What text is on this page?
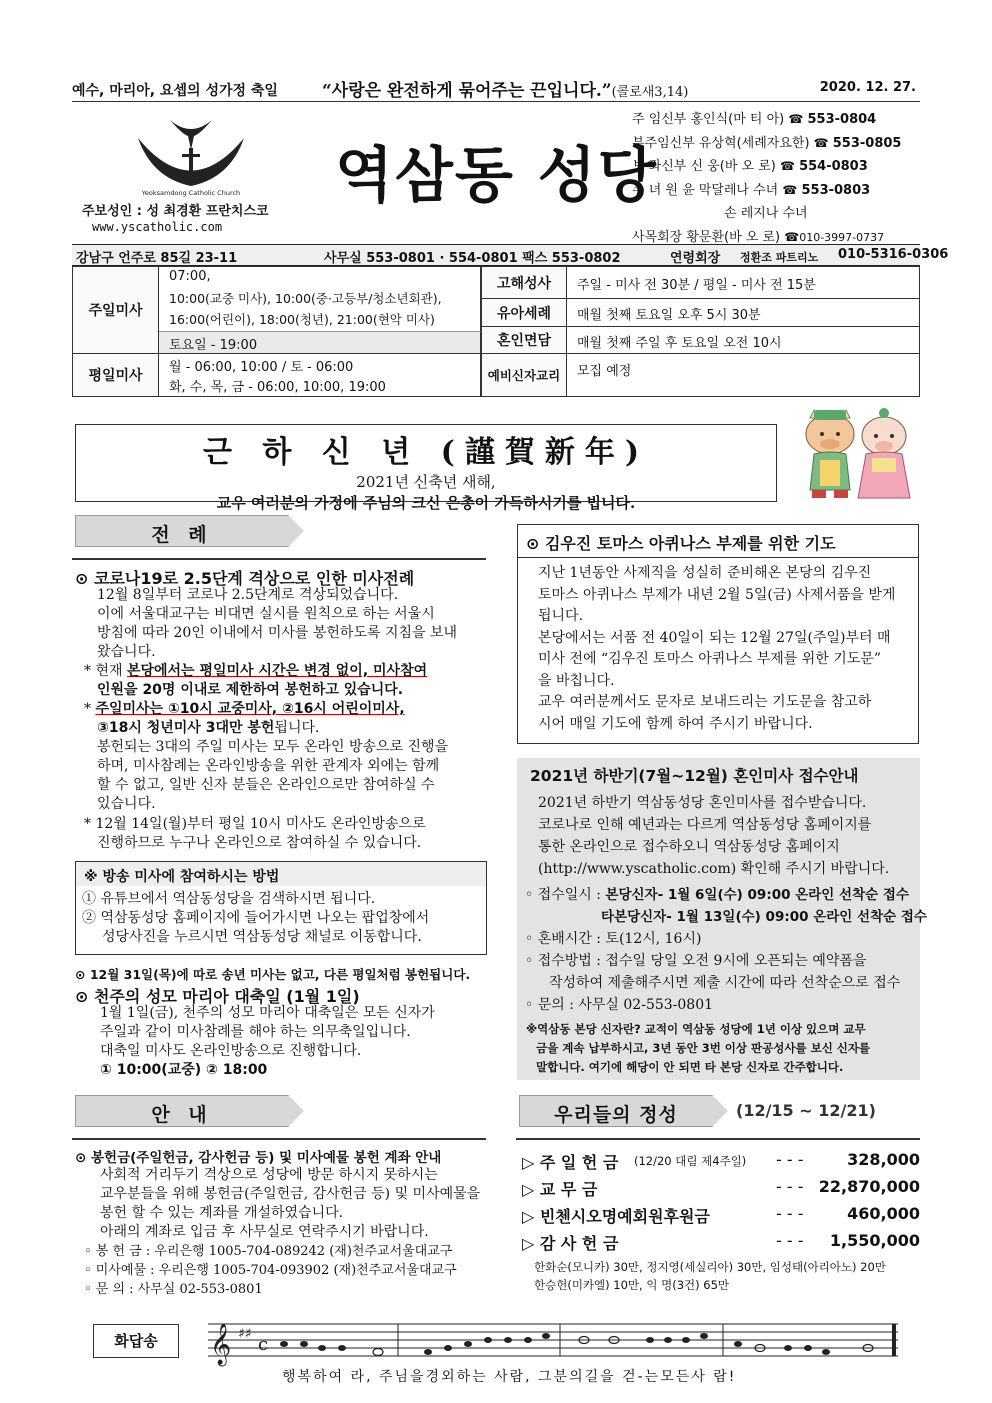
예수, 마리아, 요셉의 성가정 축일	“사랑은 완전하게 묶어주는 끈입니다.”(콜로새3,14)	2020. 12. 27.
Yeoksamdong Catholic Church 역삼동 성당
주보성인 : 성 최경환 프란치스코
www.yscatholic.com
주 임신부 홍인식(마 티 아) ☎ 553-0804
부주임신부 유상혁(세례자요한) ☎ 553-0805
보 좌신부 신 웅(바 오 로) ☎ 554-0803
수 녀 원 윤 막달레나 수녀 ☎ 553-0803
손 레지나 수녀
사목회장 황문환(바 오 로) ☎010-3997-0737
강남구 언주로 85길 23-11	사무실 553-0801 · 554-0801 팩스 553-0802	연령회장 정환조 파트리노 010-5316-0306
주일미사
07:00,
10:00(교중 미사), 10:00(중·고등부/청소년회관),
16:00(어린이), 18:00(청년), 21:00(현악 미사)
토요일 - 19:00
평일미사
월 - 06:00, 10:00 / 토 - 06:00
화, 수, 목, 금 - 06:00, 10:00, 19:00
고해성사	주일 - 미사 전 30분 / 평일 - 미사 전 15분
유아세례	매월 첫째 토요일 오후 5시 30분
혼인면담	매월 첫째 주일 후 토요일 오전 10시
예비신자교리	모집 예정
근 하 신 년 (謹賀新年)
2021년 신축년 새해,
교우 여러분의 가정에 주님의 크신 은총이 가득하시기를 빕니다.
전 례
⊙ 코로나19로 2.5단계 격상으로 인한 미사전례
12월 8일부터 코로나 2.5단계로 격상되었습니다.
이에 서울대교구는 비대면 실시를 원칙으로 하는 서울시
방침에 따라 20인 이내에서 미사를 봉헌하도록 지침을 보내
왔습니다.
* 현재 본당에서는 평일미사 시간은 변경 없이, 미사참여
인원을 20명 이내로 제한하여 봉헌하고 있습니다.
* 주일미사는 ①10시 교중미사, ②16시 어린이미사,
③18시 청년미사 3대만 봉헌됩니다.
봉헌되는 3대의 주일 미사는 모두 온라인 방송으로 진행을
하며, 미사참례는 온라인방송을 위한 관계자 외에는 함께
할 수 없고, 일반 신자 분들은 온라인으로만 참여하실 수
있습니다.
* 12월 14일(월)부터 평일 10시 미사도 온라인방송으로
진행하므로 누구나 온라인으로 참여하실 수 있습니다.
※ 방송 미사에 참여하시는 방법
① 유튜브에서 역삼동성당을 검색하시면 됩니다.
② 역삼동성당 홈페이지에 들어가시면 나오는 팝업창에서
성당사진을 누르시면 역삼동성당 채널로 이동합니다.
⊙ 12월 31일(목)에 따로 송년 미사는 없고, 다른 평일처럼 봉헌됩니다.
⊙ 천주의 성모 마리아 대축일 (1월 1일)
1월 1일(금), 천주의 성모 마리아 대축일은 모든 신자가
주일과 같이 미사참례를 해야 하는 의무축일입니다.
대축일 미사도 온라인방송으로 진행합니다.
① 10:00(교중) ② 18:00
⊙ 김우진 토마스 아퀴나스 부제를 위한 기도
지난 1년동안 사제직을 성실히 준비해온 본당의 김우진
토마스 아퀴나스 부제가 내년 2월 5일(금) 사제서품을 받게
됩니다.
본당에서는 서품 전 40일이 되는 12월 27일(주일)부터 매
미사 전에 “김우진 토마스 아퀴나스 부제를 위한 기도문”
을 바칩니다.
교우 여러분께서도 문자로 보내드리는 기도문을 참고하
시어 매일 기도에 함께 하여 주시기 바랍니다.
2021년 하반기(7월~12월) 혼인미사 접수안내
2021년 하반기 역삼동성당 혼인미사를 접수받습니다.
코로나로 인해 예년과는 다르게 역삼동성당 홈페이지를
통한 온라인으로 접수하오니 역삼동성당 홈페이지
(http://www.yscatholic.com) 확인해 주시기 바랍니다.
◦ 접수일시 : 본당신자- 1월 6일(수) 09:00 온라인 선착순 접수
타본당신자- 1월 13일(수) 09:00 온라인 선착순 접수
◦ 혼배시간 : 토(12시, 16시)
◦ 접수방법 : 접수일 당일 오전 9시에 오픈되는 예약폼을
작성하여 제출해주시면 제출 시간에 따라 선착순으로 접수
◦ 문의 : 사무실 02-553-0801
※역삼동 본당 신자란? 교적이 역삼동 성당에 1년 이상 있으며 교무
금을 계속 납부하시고, 3년 동안 3번 이상 판공성사를 보신 신자를
말합니다. 여기에 해당이 안 되면 타 본당 신자로 간주합니다.
안 내
⊙ 봉헌금(주일헌금, 감사헌금 등) 및 미사예물 봉헌 계좌 안내
사회적 거리두기 격상으로 성당에 방문 하시지 못하시는
교우분들을 위해 봉헌금(주일헌금, 감사헌금 등) 및 미사예물을
봉헌 할 수 있는 계좌를 개설하였습니다.
아래의 계좌로 입금 후 사무실로 연락주시기 바랍니다.
◦ 봉 헌 금 : 우리은행 1005-704-089242 (재)천주교서울대교구
◦ 미사예물 : 우리은행 1005-704-093902 (재)천주교서울대교구
◦ 문 의 : 사무실 02-553-0801
우리들의 정성	(12/15 ~ 12/21)
▷ 주 일 헌 금 (12/20 대림 제4주일) - - -	328,000
▷ 교 무 금	- - - 22,870,000
▷ 빈첸시오명예회원후원금	- - -	460,000
▷ 감 사 헌 금	- - - 1,550,000
한화순(모니카) 30만, 정지영(세실리아) 30만, 임성태(아리아노) 20만
한승헌(미카엘) 10만, 익 명(3건) 65만
화답송	𝄞 ♯♯ c
행복하여 라, 주님을경외하는 사람, 그분의길을 걷-는모든사 람!
